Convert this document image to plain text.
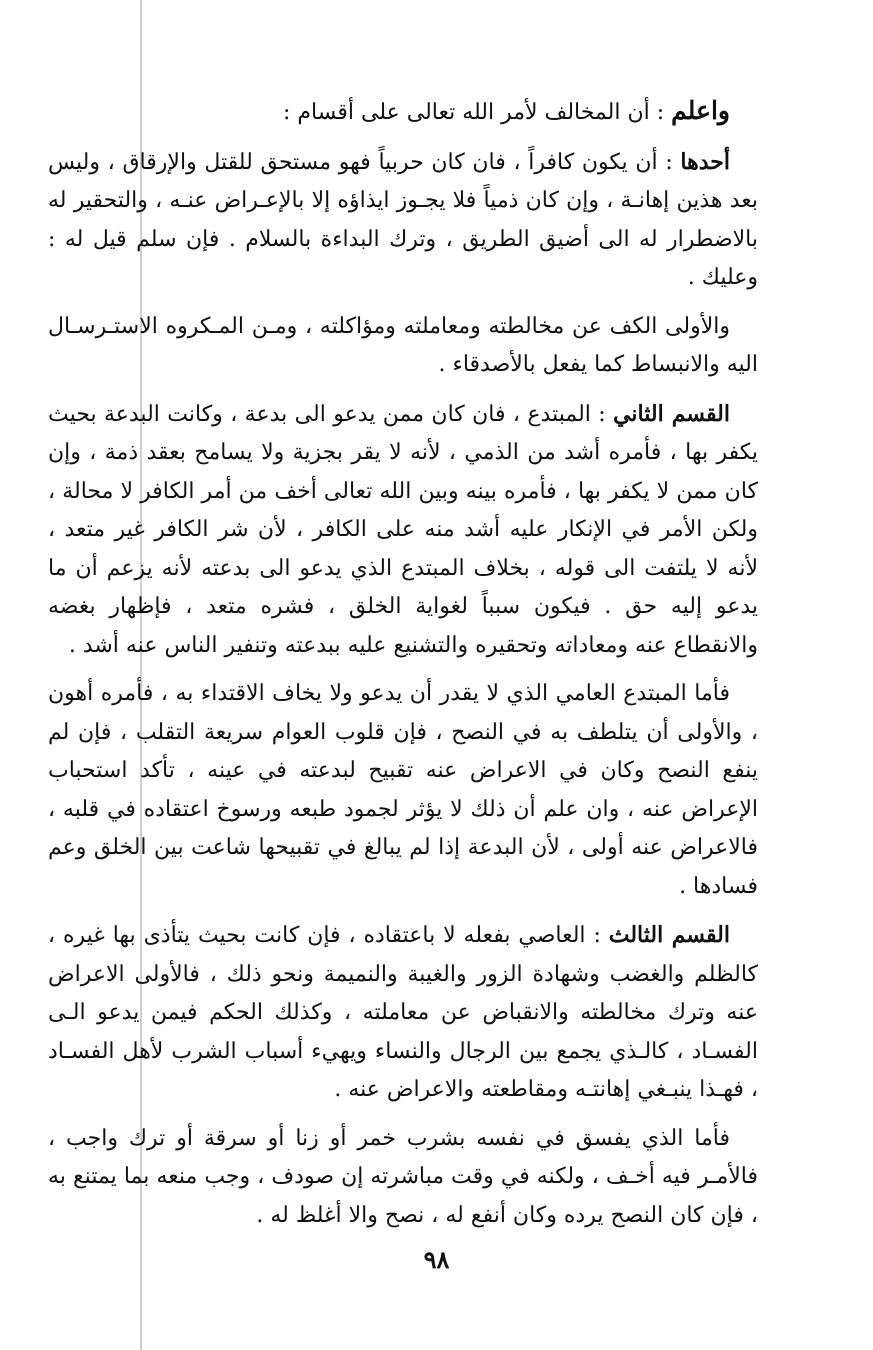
واعلم : أن المخالف لأمر الله تعالى على أقسام :

أحدها : أن يكون كافراً ، فان كان حربياً فهو مستحق للقتل والإرقاق ، وليس بعد هذين إهانـة ، وإن كان ذمياً فلا يجـوز ايذاؤه إلا بالإعـراض عنـه ، والتحقير له بالاضطرار له الى أضيق الطريق ، وترك البداءة بالسلام . فإن سلم قيل له : وعليك .

والأولى الكف عن مخالطته ومعاملته ومؤاكلته ، ومـن المـكروه الاستـرسـال اليه والانبساط كما يفعل بالأصدقاء .

القسم الثاني : المبتدع ، فان كان ممن يدعو الى بدعة ، وكانت البدعة بحيث يكفر بها ، فأمره أشد من الذمي ، لأنه لا يقر بجزية ولا يسامح بعقد ذمة ، وإن كان ممن لا يكفر بها ، فأمره بينه وبين الله تعالى أخف من أمر الكافر لا محالة ، ولكن الأمر في الإنكار عليه أشد منه على الكافر ، لأن شر الكافر غير متعد ، لأنه لا يلتفت الى قوله ، بخلاف المبتدع الذي يدعو الى بدعته لأنه يزعم أن ما يدعو إليه حق . فيكون سبباً لغواية الخلق ، فشره متعد ، فإظهار بغضه والانقطاع عنه ومعاداته وتحقيره والتشنيع عليه ببدعته وتنفير الناس عنه أشد .

فأما المبتدع العامي الذي لا يقدر أن يدعو ولا يخاف الاقتداء به ، فأمره أهون ، والأولى أن يتلطف به في النصح ، فإن قلوب العوام سريعة التقلب ، فإن لم ينفع النصح وكان في الاعراض عنه تقبيح لبدعته في عينه ، تأكد استحباب الإعراض عنه ، وان علم أن ذلك لا يؤثر لجمود طبعه ورسوخ اعتقاده في قلبه ، فالاعراض عنه أولى ، لأن البدعة إذا لم يبالغ في تقبيحها شاعت بين الخلق وعم فسادها .

القسم الثالث : العاصي بفعله لا باعتقاده ، فإن كانت بحيث يتأذى بها غيره ، كالظلم والغضب وشهادة الزور والغيبة والنميمة ونحو ذلك ، فالأولى الاعراض عنه وترك مخالطته والانقباض عن معاملته ، وكذلك الحكم فيمن يدعو الـى الفسـاد ، كالـذي يجمع بين الرجال والنساء ويهيء أسباب الشرب لأهل الفسـاد ، فهـذا ينبـغي إهانتـه ومقاطعته والاعراض عنه .

فأما الذي يفسق في نفسه بشرب خمر أو زنا أو سرقة أو ترك واجب ، فالأمـر فيه أخـف ، ولكنه في وقت مباشرته إن صودف ، وجب منعه بما يمتنع به ، فإن كان النصح يرده وكان أنفع له ، نصح والا أغلظ له .

٩٨
